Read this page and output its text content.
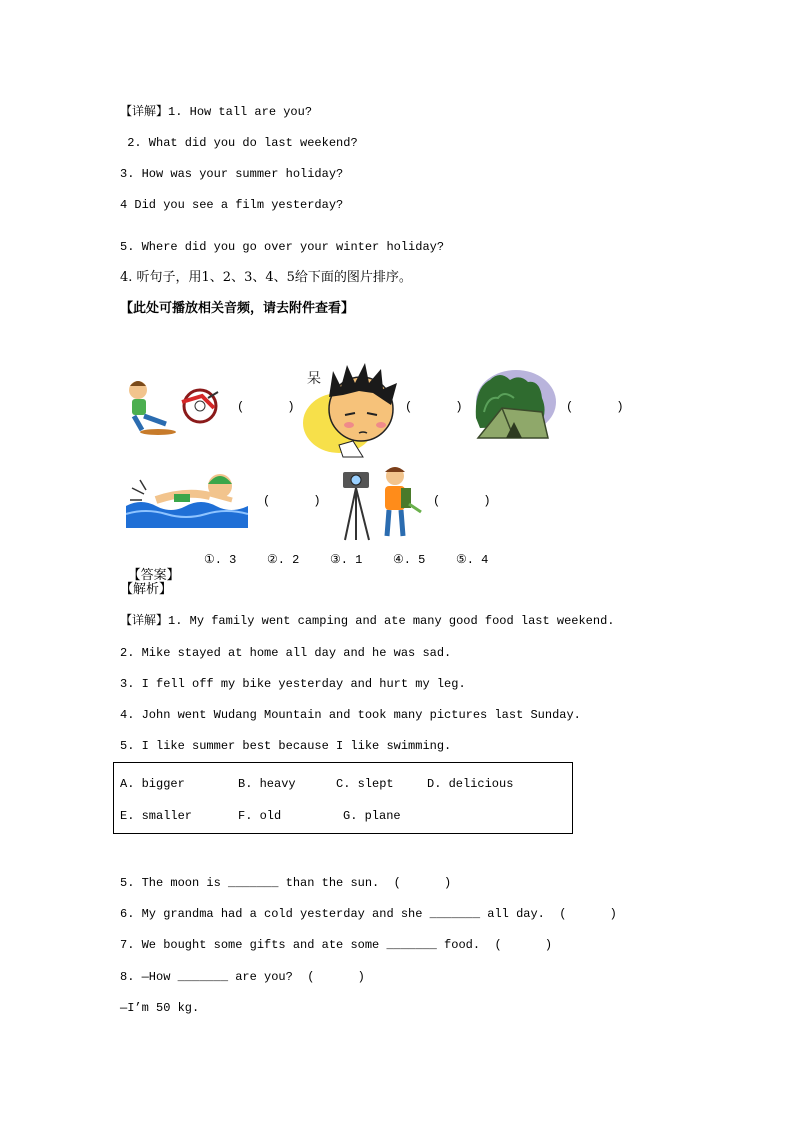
【详解】1. How tall are you?
2. What did you do last weekend?
3. How was your summer holiday?
4 Did you see a film yesterday?
5. Where did you go over your winter holiday?
4. 听句子，用1、2、3、4、5给下面的图片排序。
【此处可播放相关音频，请去附件查看】
(      )
呆
(      )	(      )
(      )	(      )

【答案】

①. 3	②. 2	③. 1	④. 5	⑤. 4
【解析】
【详解】1. My family went camping and ate many good food last weekend.
2. Mike stayed at home all day and he was sad.
3. I fell off my bike yesterday and hurt my leg.
4. John went Wudang Mountain and took many pictures last Sunday.
5. I like summer best because I like swimming.
A. bigger	B. heavy	C. slept	D. delicious
E. smaller	F. old	G. plane
5. The moon is _______ than the sun.  (      )
6. My grandma had a cold yesterday and she _______ all day.  (      )
7. We bought some gifts and ate some _______ food.  (      )
8. —How _______ are you?  (      )
—I’m 50 kg.
